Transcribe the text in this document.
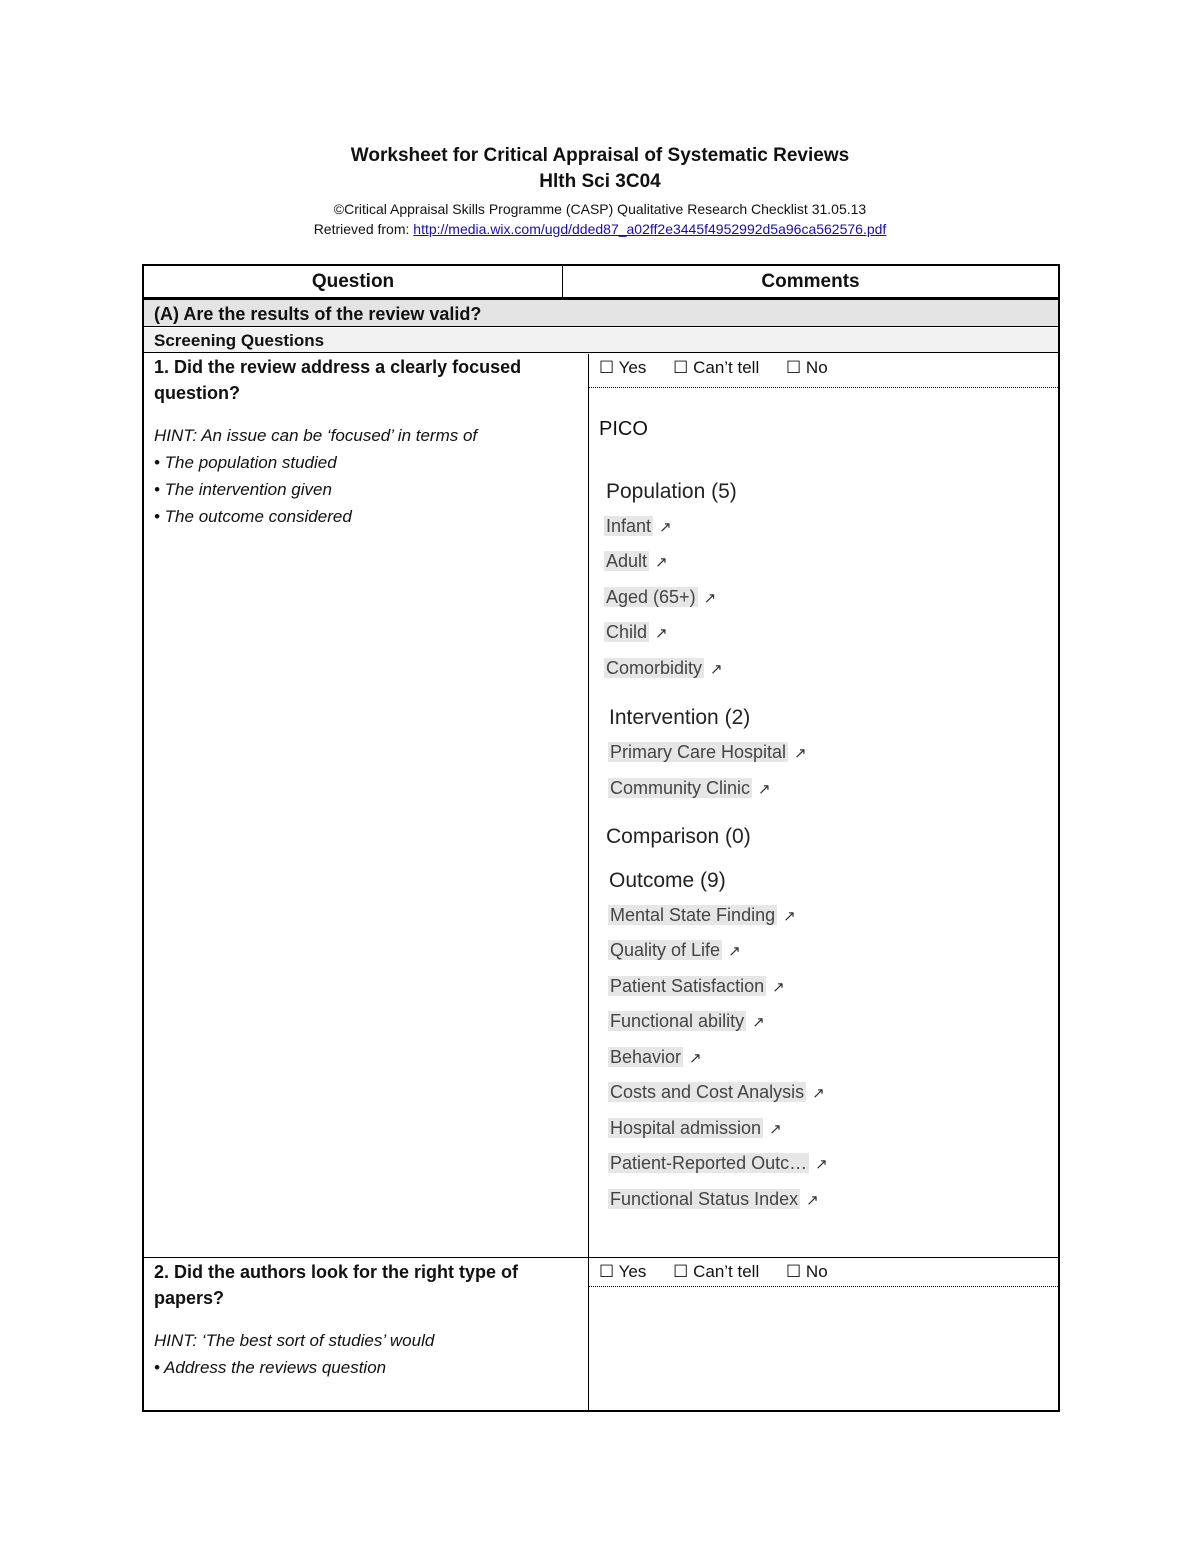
Worksheet for Critical Appraisal of Systematic Reviews
Hlth Sci 3C04
©Critical Appraisal Skills Programme (CASP) Qualitative Research Checklist 31.05.13
Retrieved from: http://media.wix.com/ugd/dded87_a02ff2e3445f4952992d5a96ca562576.pdf
Question	Comments
(A) Are the results of the review valid?
Screening Questions
1. Did the review address a clearly focused question?
HINT: An issue can be ‘focused’ in terms of
• The population studied
• The intervention given
• The outcome considered
☐ Yes ☐ Can’t tell ☐ No
PICO
Population (5)
Infant ↗
Adult ↗
Aged (65+) ↗
Child ↗
Comorbidity ↗
Intervention (2)
Primary Care Hospital ↗
Community Clinic ↗
Comparison (0)
Outcome (9)
Mental State Finding ↗
Quality of Life ↗
Patient Satisfaction ↗
Functional ability ↗
Behavior ↗
Costs and Cost Analysis ↗
Hospital admission ↗
Patient-Reported Outc… ↗
Functional Status Index ↗
2. Did the authors look for the right type of papers?
HINT: ‘The best sort of studies’ would
• Address the reviews question
☐ Yes ☐ Can’t tell ☐ No
